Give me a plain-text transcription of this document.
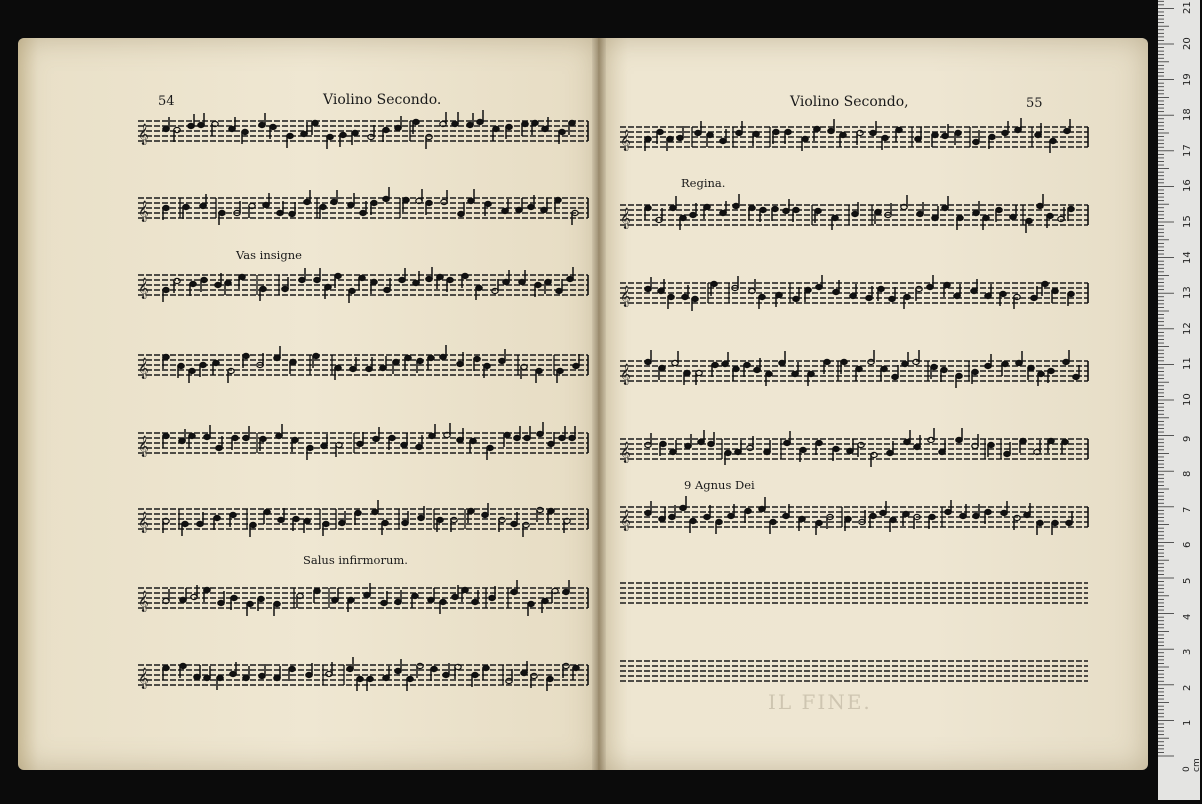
54	Violino Secondo.
𝄞
𝄞
Vas insigne
𝄞
𝄞
𝄞
𝄞
Salus infirmorum.
𝄞
𝄞
Violino Secondo,	55
𝄞
Regina.
𝄞
𝄞
𝄞
𝄞
9 Agnus Dei
𝄞
IL FINE.
0 cm
1
2
3
4
5
6
7
8
9
10
11
12
13
14
15
16
17
18
19
20
21
